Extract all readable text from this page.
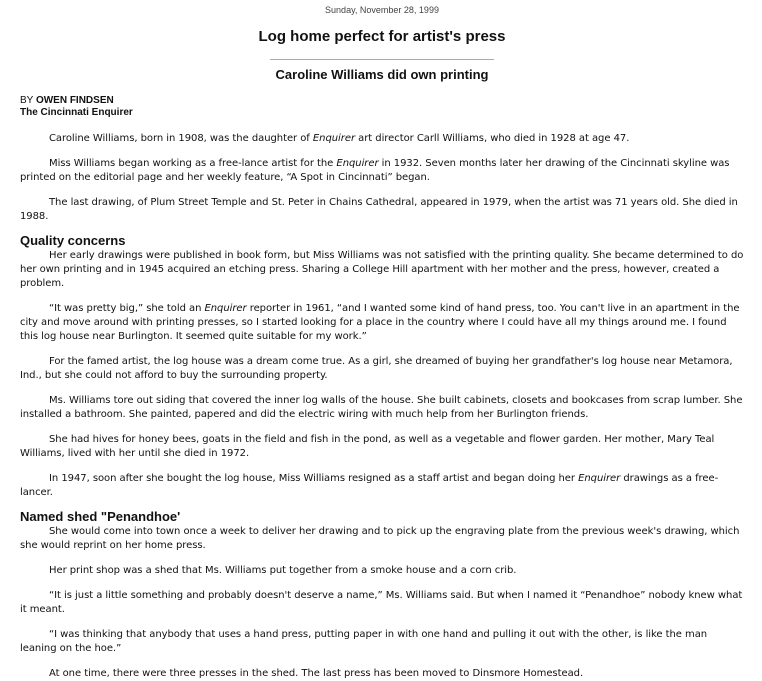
Sunday, November 28, 1999
Log home perfect for artist's press
Caroline Williams did own printing
BY OWEN FINDSEN
The Cincinnati Enquirer

Caroline Williams, born in 1908, was the daughter of Enquirer art director Carll Williams, who died in 1928 at age 47.

Miss Williams began working as a free-lance artist for the Enquirer in 1932. Seven months later her drawing of the Cincinnati skyline was printed on the editorial page and her weekly feature, “A Spot in Cincinnati” began.

The last drawing, of Plum Street Temple and St. Peter in Chains Cathedral, appeared in 1979, when the artist was 71 years old. She died in 1988.

Quality concerns

Her early drawings were published in book form, but Miss Williams was not satisfied with the printing quality. She became determined to do her own printing and in 1945 acquired an etching press. Sharing a College Hill apartment with her mother and the press, however, created a problem.

“It was pretty big,” she told an Enquirer reporter in 1961, “and I wanted some kind of hand press, too. You can't live in an apartment in the city and move around with printing presses, so I started looking for a place in the country where I could have all my things around me. I found this log house near Burlington. It seemed quite suitable for my work.”

For the famed artist, the log house was a dream come true. As a girl, she dreamed of buying her grandfather's log house near Metamora, Ind., but she could not afford to buy the surrounding property.

Ms. Williams tore out siding that covered the inner log walls of the house. She built cabinets, closets and bookcases from scrap lumber. She installed a bathroom. She painted, papered and did the electric wiring with much help from her Burlington friends.

She had hives for honey bees, goats in the field and fish in the pond, as well as a vegetable and flower garden. Her mother, Mary Teal Williams, lived with her until she died in 1972.

In 1947, soon after she bought the log house, Miss Williams resigned as a staff artist and began doing her Enquirer drawings as a free-lancer.

Named shed "Penandhoe'

She would come into town once a week to deliver her drawing and to pick up the engraving plate from the previous week's drawing, which she would reprint on her home press.

Her print shop was a shed that Ms. Williams put together from a smoke house and a corn crib.

“It is just a little something and probably doesn't deserve a name,” Ms. Williams said. But when I named it “Penandhoe” nobody knew what it meant.

“I was thinking that anybody that uses a hand press, putting paper in with one hand and pulling it out with the other, is like the man leaning on the hoe.”

At one time, there were three presses in the shed. The last press has been moved to Dinsmore Homestead.
